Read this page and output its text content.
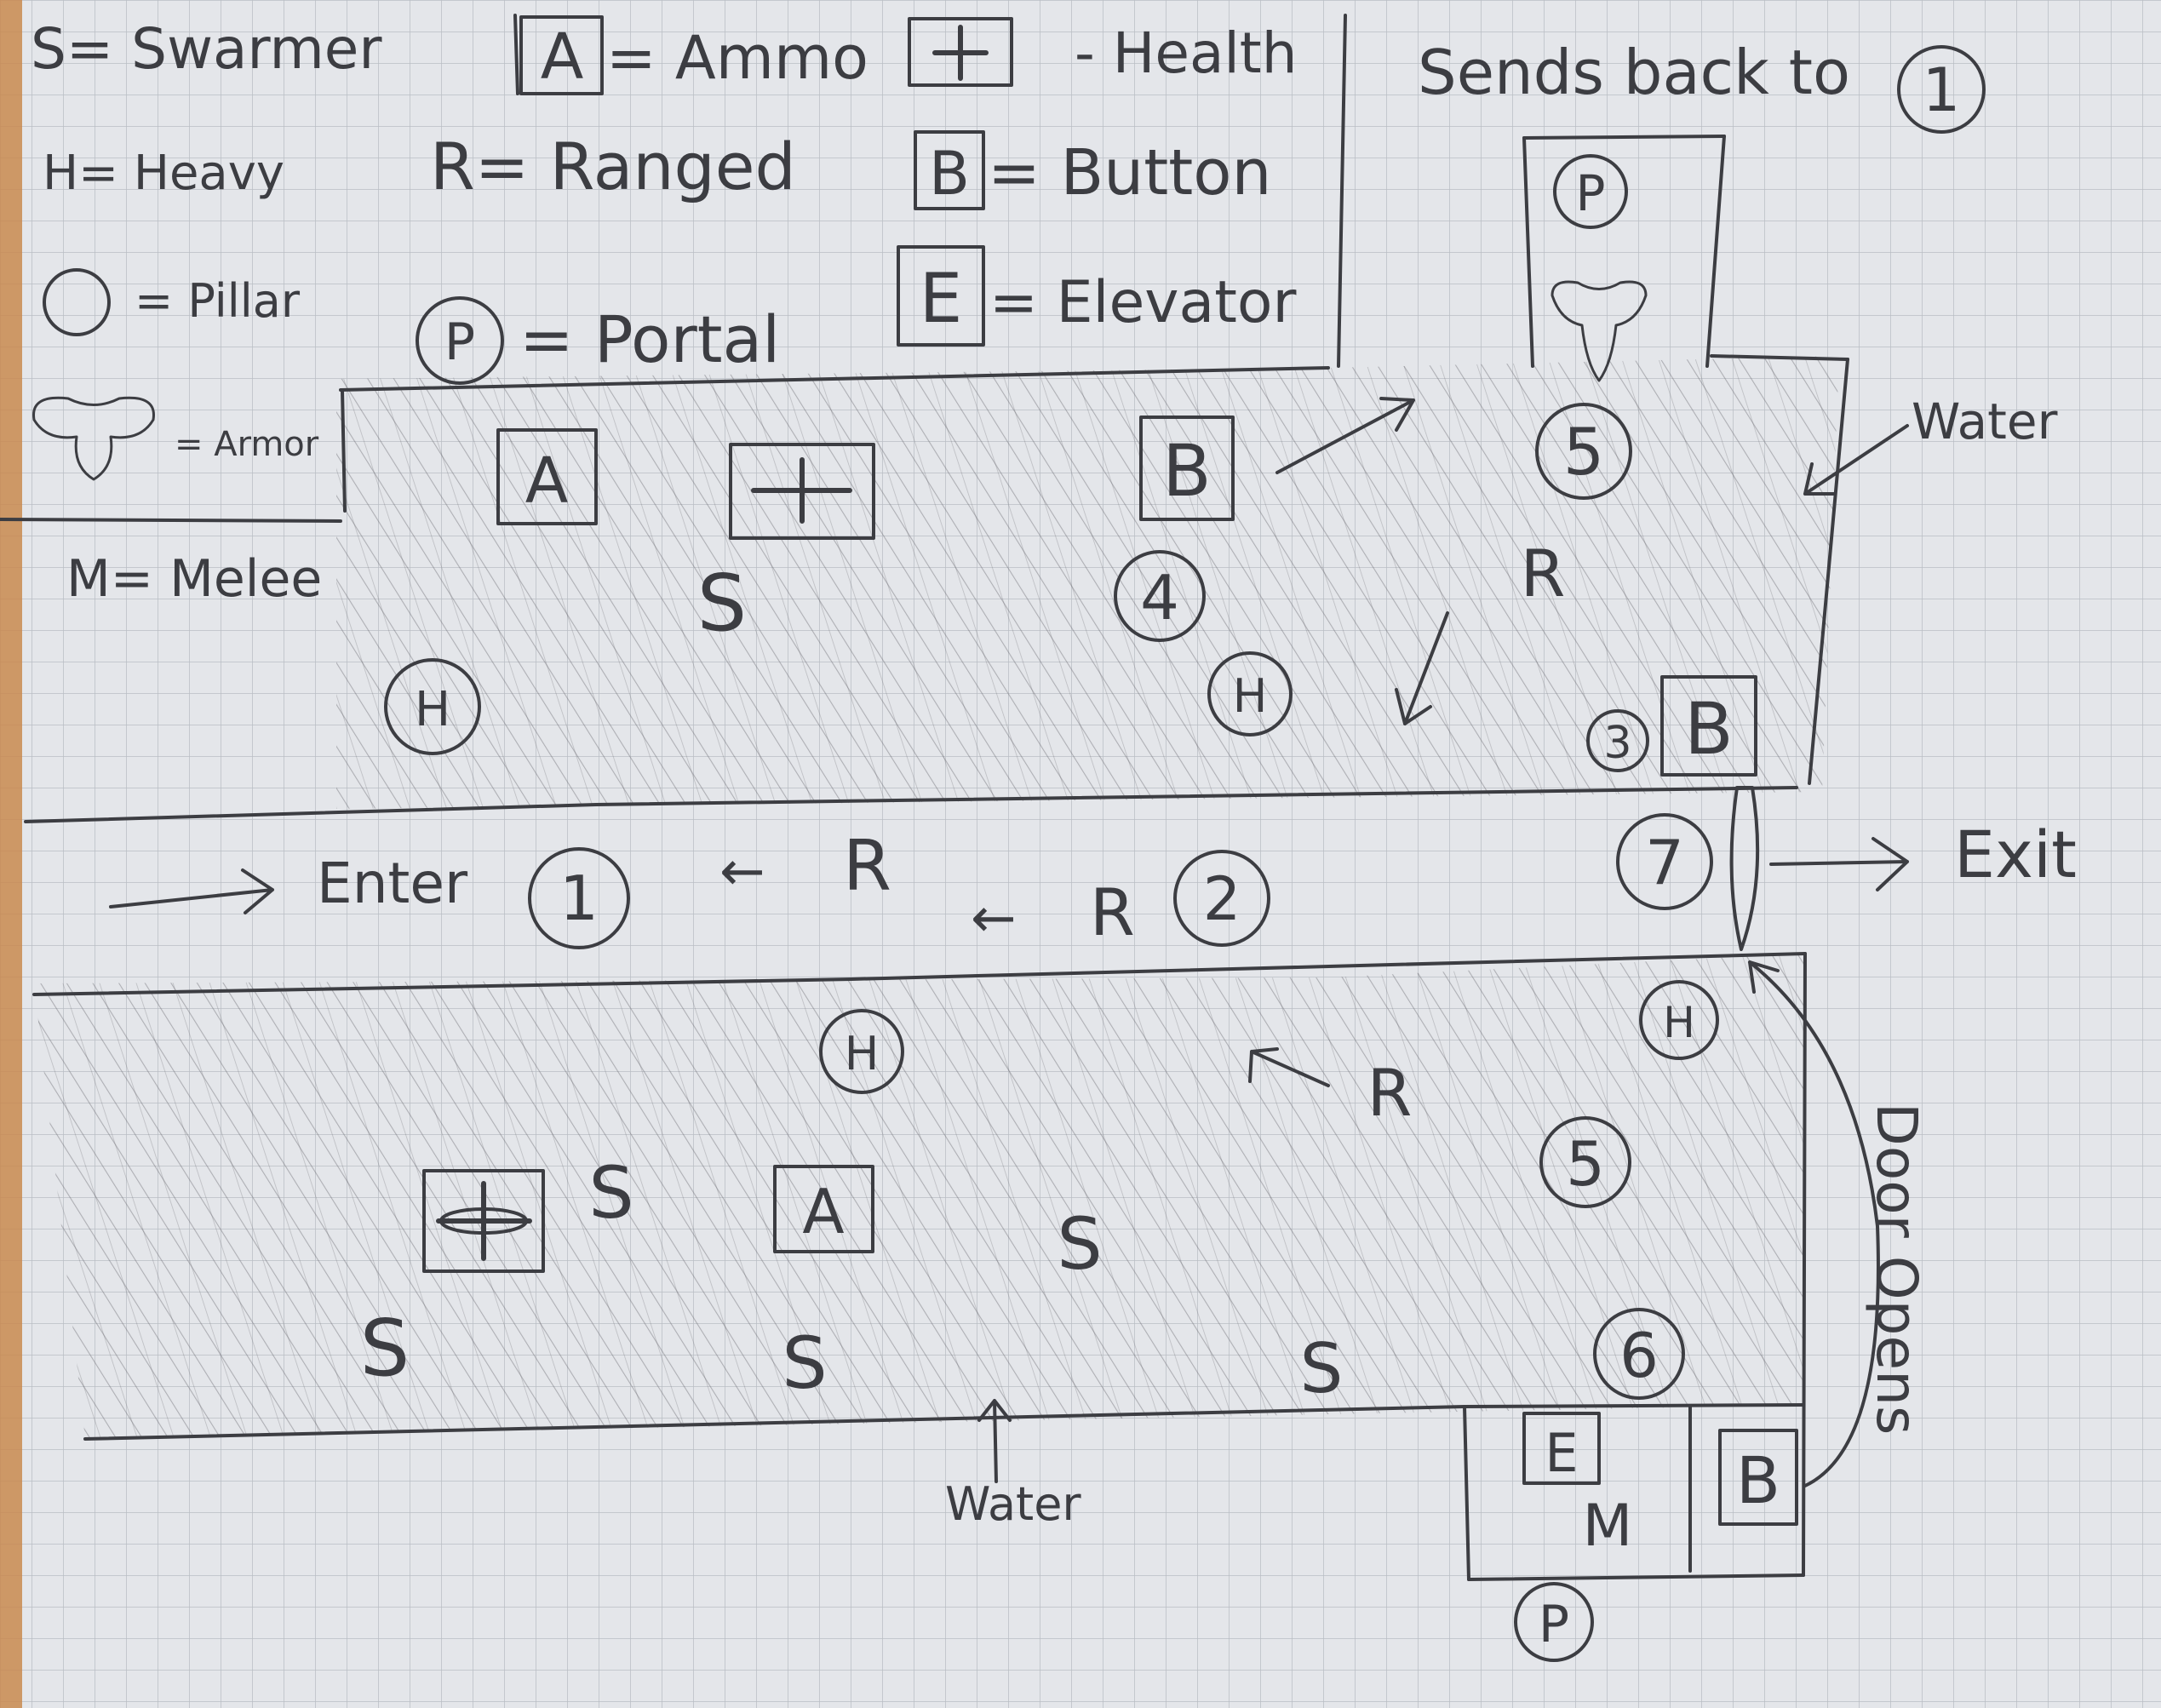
S= Swarmer
H= Heavy R= Ranged
= Pillar
P = Portal
= Armor
M= Melee
A = Ammo	- Health
B = Button
E = Elevator
Sends back to 1
Water
Water
Door Opens
Enter	Exit
P
A	B	5
R
4
S
H	H
3 B
1 ← R
← R 2
7
H
H
R
5
S	A	S
S	S	S	6
E
M
B
P
